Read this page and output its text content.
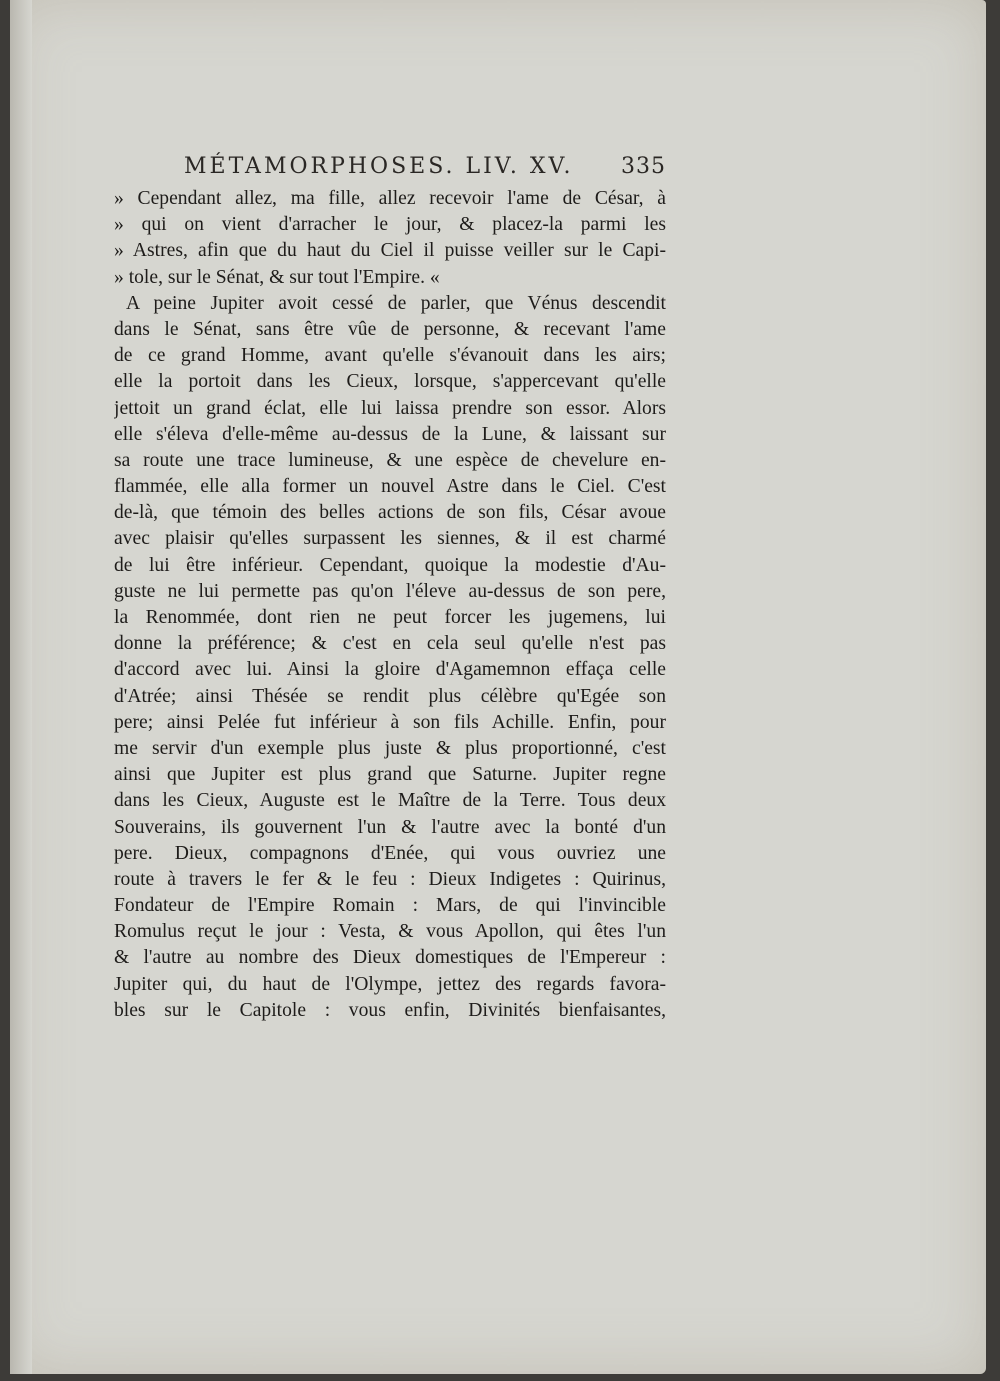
MÉTAMORPHOSES. LIV. XV. 335
» Cependant allez, ma fille, allez recevoir l'ame de César, à
» qui on vient d'arracher le jour, & placez-la parmi les
» Astres, afin que du haut du Ciel il puisse veiller sur le Capi-
» tole, sur le Sénat, & sur tout l'Empire. «
A peine Jupiter avoit cessé de parler, que Vénus descendit
dans le Sénat, sans être vûe de personne, & recevant l'ame
de ce grand Homme, avant qu'elle s'évanouit dans les airs;
elle la portoit dans les Cieux, lorsque, s'appercevant qu'elle
jettoit un grand éclat, elle lui laissa prendre son essor. Alors
elle s'éleva d'elle-même au-dessus de la Lune, & laissant sur
sa route une trace lumineuse, & une espèce de chevelure en-
flammée, elle alla former un nouvel Astre dans le Ciel. C'est
de-là, que témoin des belles actions de son fils, César avoue
avec plaisir qu'elles surpassent les siennes, & il est charmé
de lui être inférieur. Cependant, quoique la modestie d'Au-
guste ne lui permette pas qu'on l'éleve au-dessus de son pere,
la Renommée, dont rien ne peut forcer les jugemens, lui
donne la préférence; & c'est en cela seul qu'elle n'est pas
d'accord avec lui. Ainsi la gloire d'Agamemnon effaça celle
d'Atrée; ainsi Thésée se rendit plus célèbre qu'Egée son
pere; ainsi Pelée fut inférieur à son fils Achille. Enfin, pour
me servir d'un exemple plus juste & plus proportionné, c'est
ainsi que Jupiter est plus grand que Saturne. Jupiter regne
dans les Cieux, Auguste est le Maître de la Terre. Tous deux
Souverains, ils gouvernent l'un & l'autre avec la bonté d'un
pere. Dieux, compagnons d'Enée, qui vous ouvriez une
route à travers le fer & le feu : Dieux Indigetes : Quirinus,
Fondateur de l'Empire Romain : Mars, de qui l'invincible
Romulus reçut le jour : Vesta, & vous Apollon, qui êtes l'un
& l'autre au nombre des Dieux domestiques de l'Empereur :
Jupiter qui, du haut de l'Olympe, jettez des regards favora-
bles sur le Capitole : vous enfin, Divinités bienfaisantes,
